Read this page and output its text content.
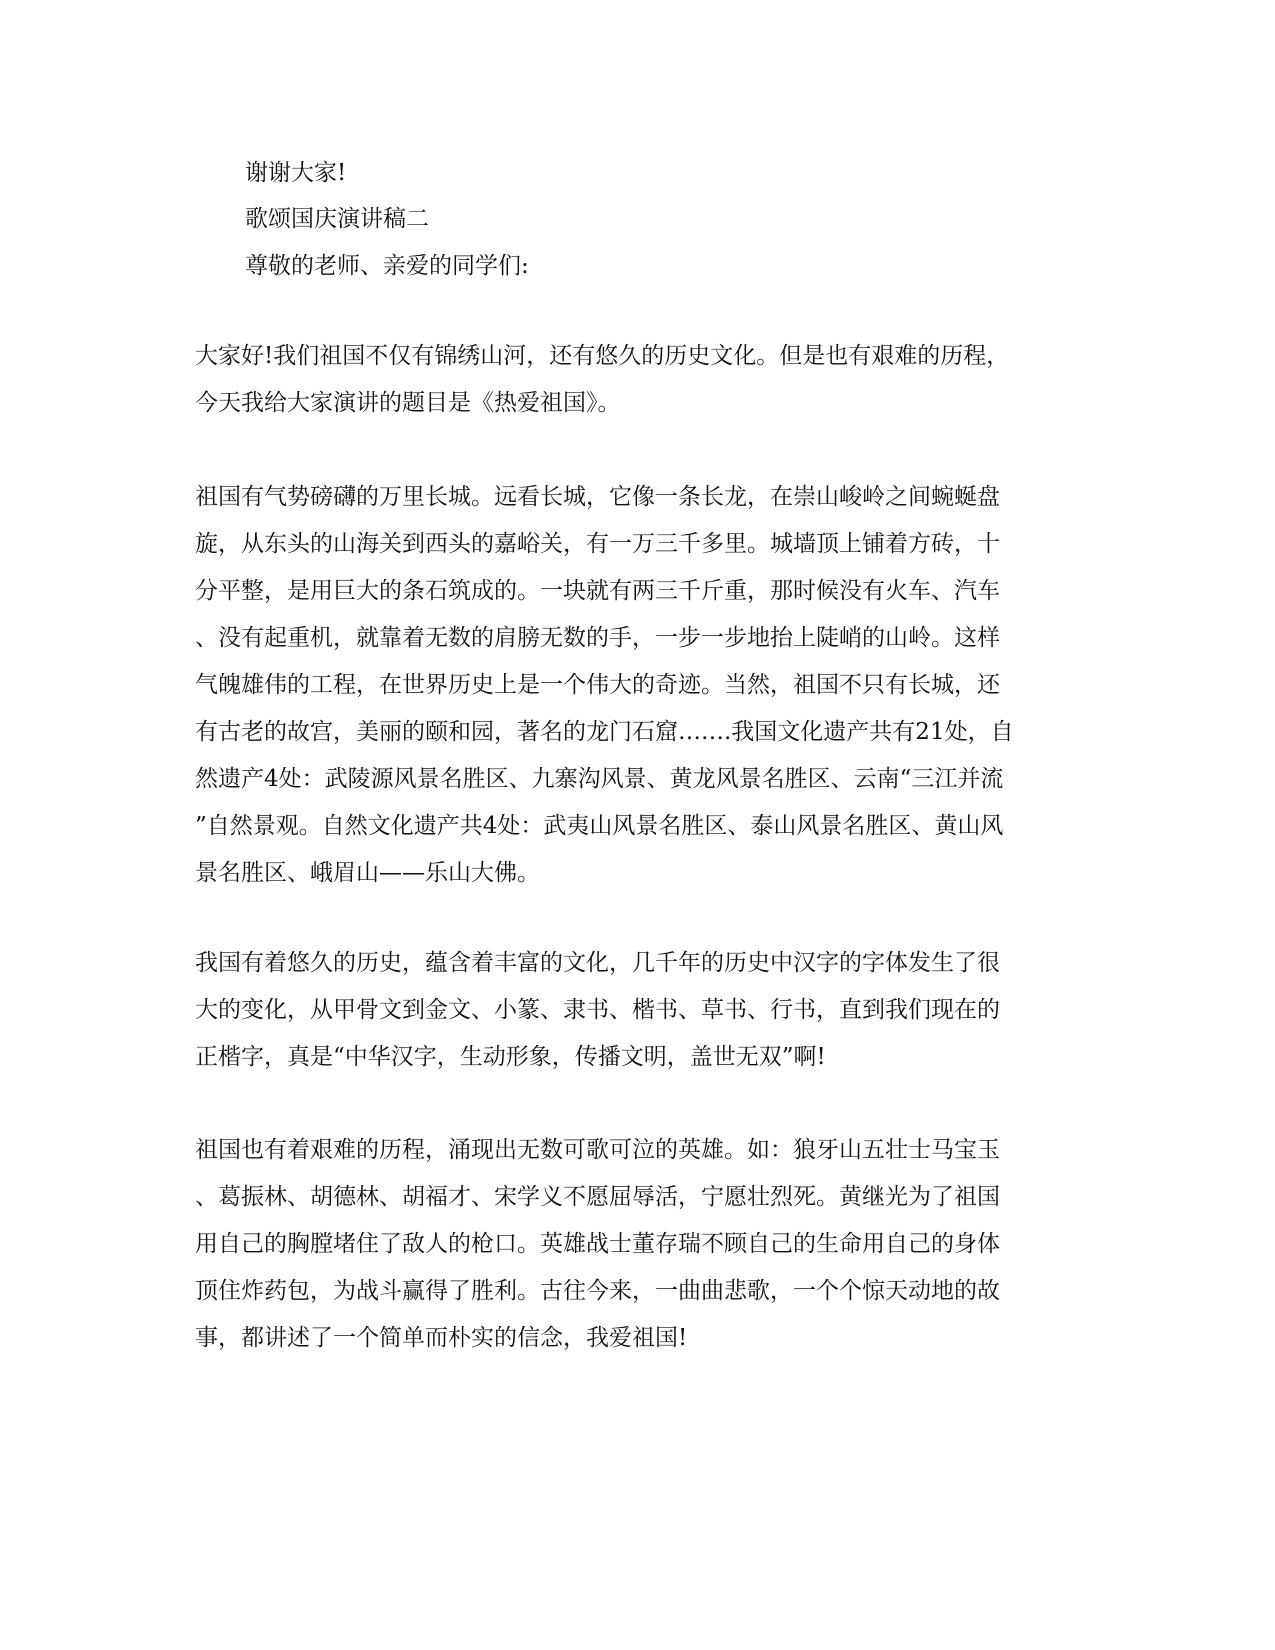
谢谢大家!

歌颂国庆演讲稿二

尊敬的老师、亲爱的同学们:

大家好!我们祖国不仅有锦绣山河，还有悠久的历史文化。但是也有艰难的历程，
今天我给大家演讲的题目是《热爱祖国》。
祖国有气势磅礴的万里长城。远看长城，它像一条长龙，在崇山峻岭之间蜿蜒盘
旋，从东头的山海关到西头的嘉峪关，有一万三千多里。城墙顶上铺着方砖，十
分平整，是用巨大的条石筑成的。一块就有两三千斤重，那时候没有火车、汽车
、没有起重机，就靠着无数的肩膀无数的手，一步一步地抬上陡峭的山岭。这样
气魄雄伟的工程，在世界历史上是一个伟大的奇迹。当然，祖国不只有长城，还
有古老的故宫，美丽的颐和园，著名的龙门石窟…….我国文化遗产共有21处，自
然遗产4处：武陵源风景名胜区、九寨沟风景、黄龙风景名胜区、云南“三江并流
”自然景观。自然文化遗产共4处：武夷山风景名胜区、泰山风景名胜区、黄山风
景名胜区、峨眉山——乐山大佛。
我国有着悠久的历史，蕴含着丰富的文化，几千年的历史中汉字的字体发生了很
大的变化，从甲骨文到金文、小篆、隶书、楷书、草书、行书，直到我们现在的
正楷字，真是“中华汉字，生动形象，传播文明，盖世无双”啊!
祖国也有着艰难的历程，涌现出无数可歌可泣的英雄。如：狼牙山五壮士马宝玉
、葛振林、胡德林、胡福才、宋学义不愿屈辱活，宁愿壮烈死。黄继光为了祖国
用自己的胸膛堵住了敌人的枪口。英雄战士董存瑞不顾自己的生命用自己的身体
顶住炸药包，为战斗赢得了胜利。古往今来，一曲曲悲歌，一个个惊天动地的故
事，都讲述了一个简单而朴实的信念，我爱祖国!
